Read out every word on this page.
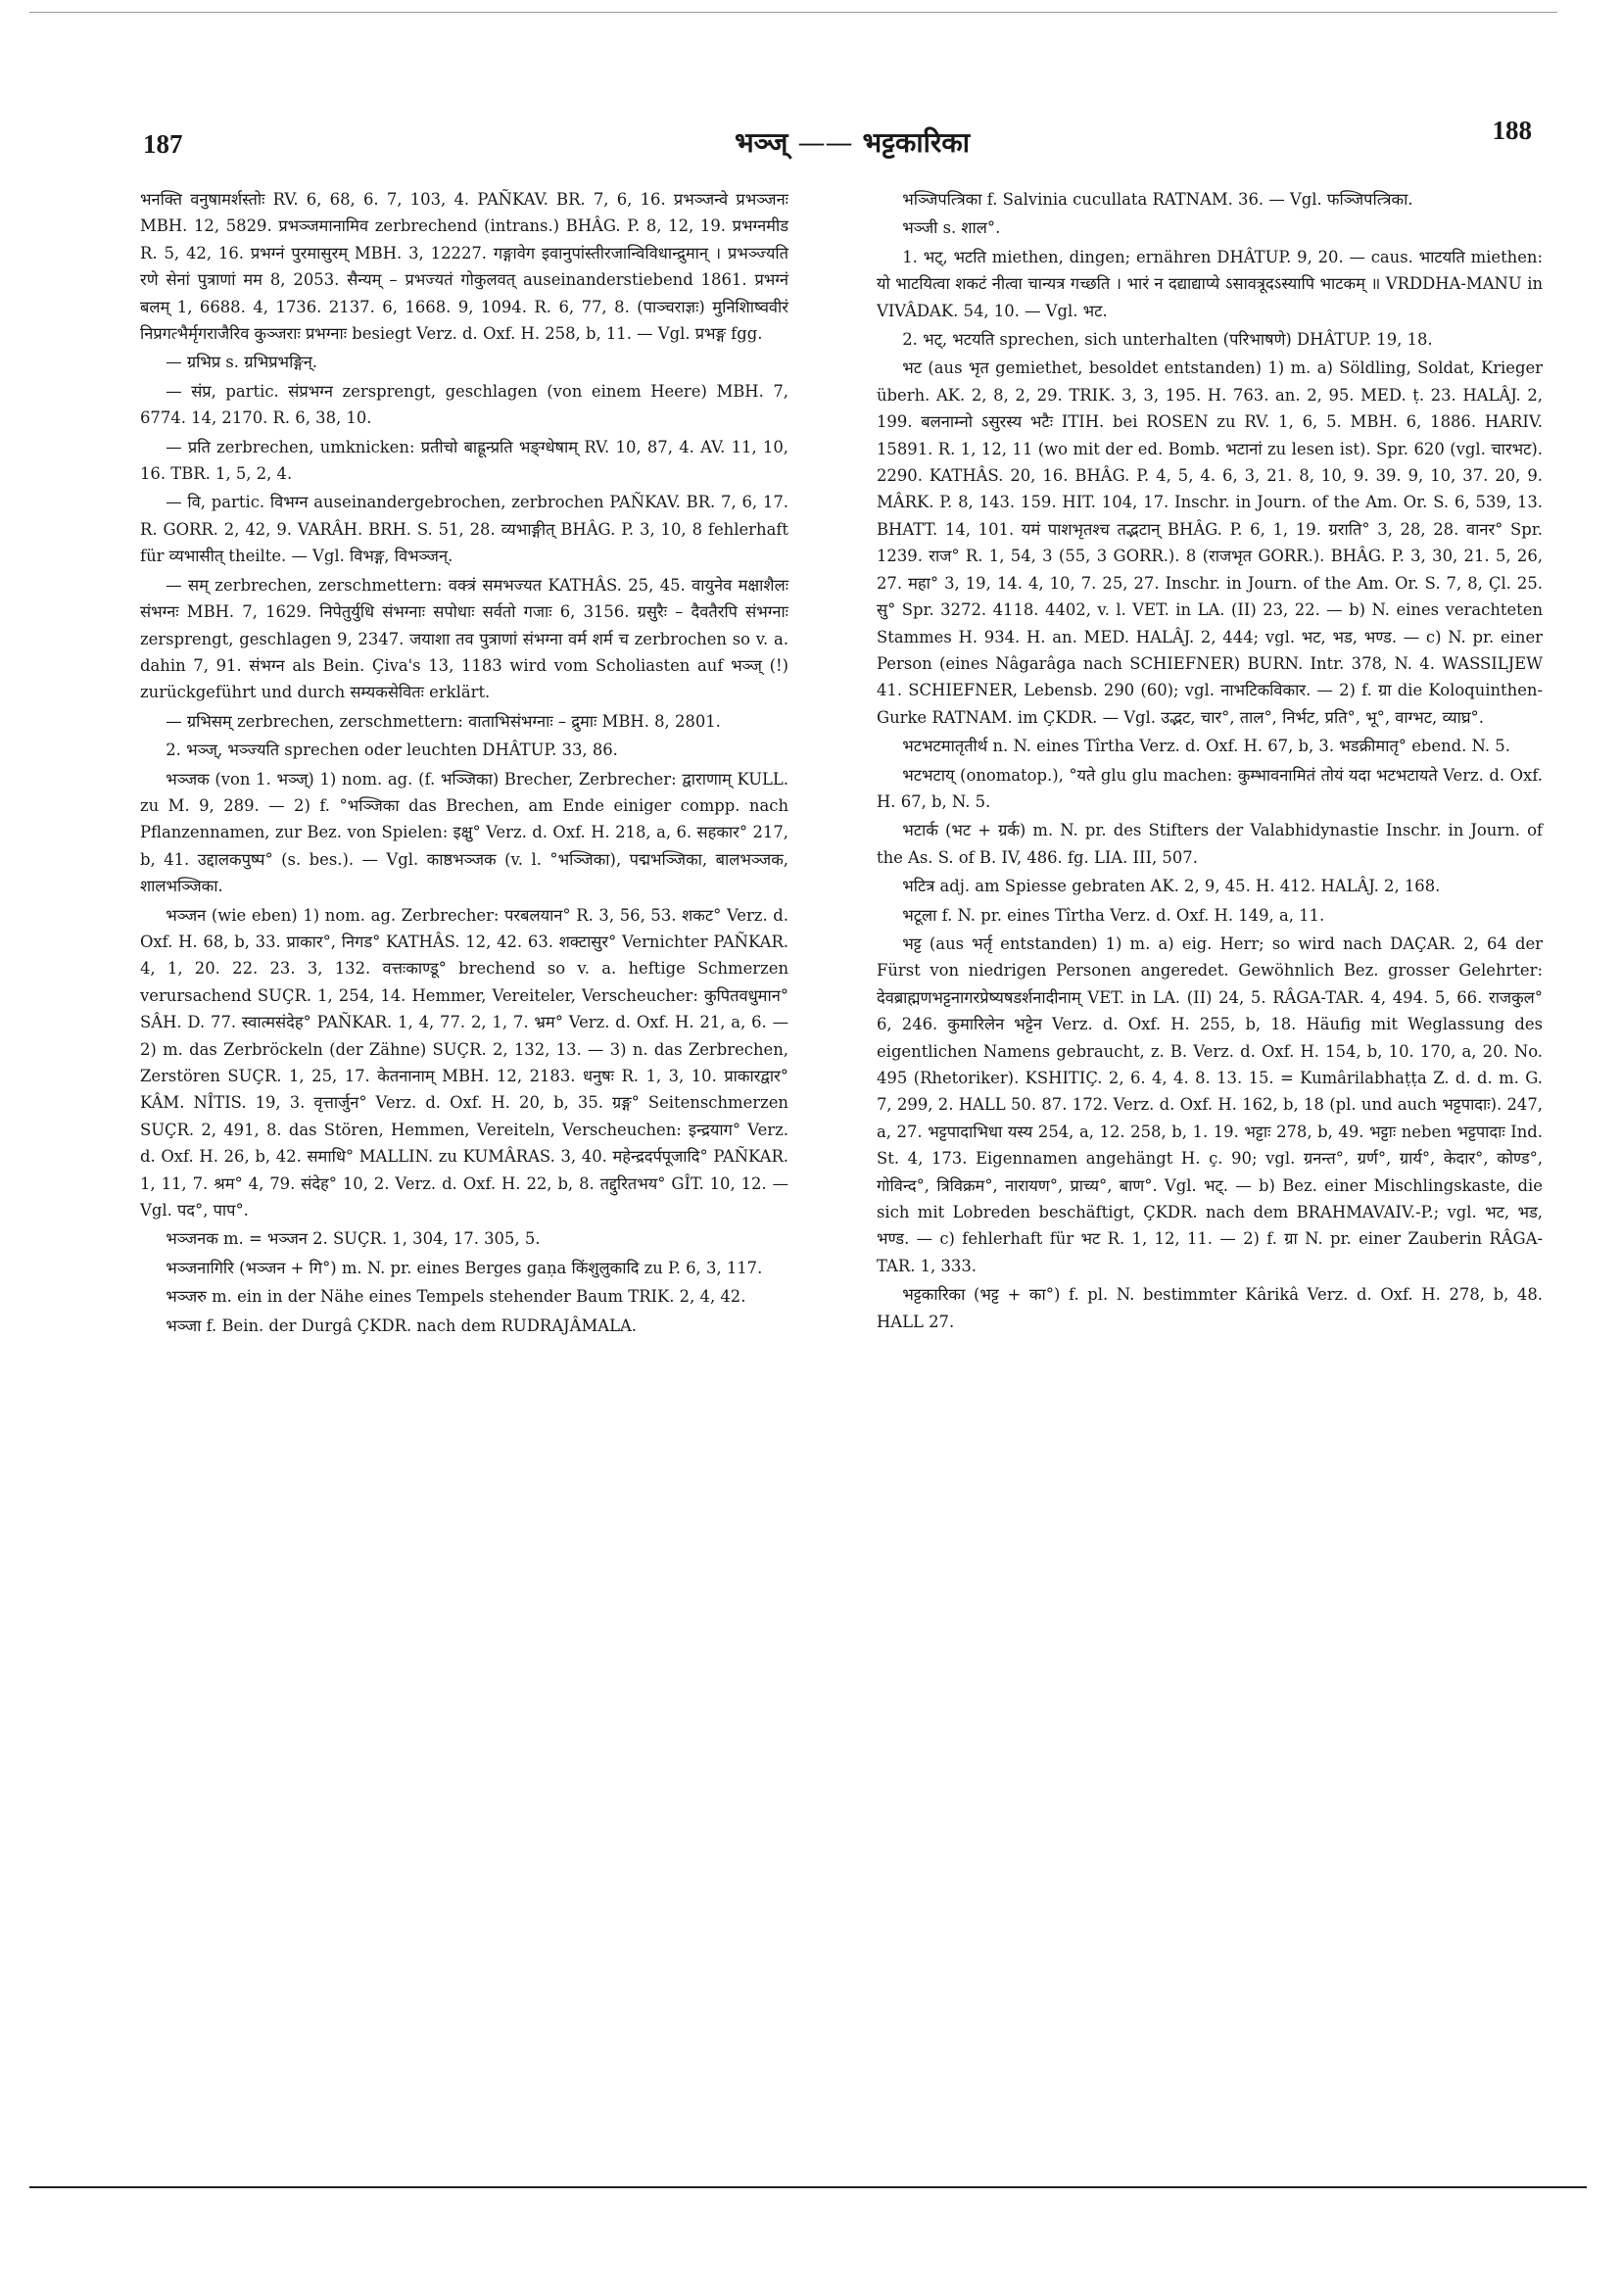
187	भञ्ज् —— भट्टकारिका	188

भनक्ति वनुषामर्शस्तोः RV. 6, 68, 6. 7, 103, 4. PAÑKAV. BR. 7, 6, 16. प्रभञ्जन्वे प्रभञ्जनः MBH. 12, 5829. प्रभञ्जमानामिव zerbrechend (intrans.) BHÂG. P. 8, 12, 19. प्रभग्नमीड R. 5, 42, 16. प्रभग्नं पुरमासुरम् MBH. 3, 12227. गङ्गावेग इवानुपांस्तीरजान्विविधान्द्रुमान् । प्रभञ्ज्यति रणे सेनां पुत्राणां मम 8, 2053. सैन्यम् – प्रभज्यतं गोकुलवत् auseinanderstiebend 1861. प्रभग्नं बलम् 1, 6688. 4, 1736. 2137. 6, 1668. 9, 1094. R. 6, 77, 8. (पाञ्चराज्ञः) मुनिशिाष्ववीरं निप्रगत्भैर्मृगराजैरिव कुञ्जराः प्रभग्नाः besiegt Verz. d. Oxf. H. 258, b, 11. — Vgl. प्रभङ्ग fgg.

— ग्रभिप्र s. ग्रभिप्रभङ्गिन्.

— संप्र, partic. संप्रभग्न zersprengt, geschlagen (von einem Heere) MBH. 7, 6774. 14, 2170. R. 6, 38, 10.

— प्रति zerbrechen, umknicken: प्रतीचो बाह्रून्प्रति भङ्ग्धेषाम् RV. 10, 87, 4. AV. 11, 10, 16. TBR. 1, 5, 2, 4.

— वि, partic. विभग्न auseinandergebrochen, zerbrochen PAÑKAV. BR. 7, 6, 17. R. GORR. 2, 42, 9. VARÂH. BRH. S. 51, 28. व्यभाङ्गीत् BHÂG. P. 3, 10, 8 fehlerhaft für व्यभासीत् theilte. — Vgl. विभङ्ग, विभञ्जन्.

— सम् zerbrechen, zerschmettern: वक्त्रं समभज्यत KATHÂS. 25, 45. वायुनेव मक्षाशैलः संभग्नः MBH. 7, 1629. निपेतुर्युधि संभग्नाः सपोधाः सर्वतो गजाः 6, 3156. ग्रसुरैः – दैवतैरपि संभग्नाः zersprengt, geschlagen 9, 2347. जयाशा तव पुत्राणां संभग्ना वर्म शर्म च zerbrochen so v. a. dahin 7, 91. संभग्न als Bein. Çiva's 13, 1183 wird vom Scholiasten auf भञ्ज् (!) zurückgeführt und durch सम्यकसेवितः erklärt.

— ग्रभिसम् zerbrechen, zerschmettern: वाताभिसंभग्नाः – द्रुमाः MBH. 8, 2801.

2. भञ्ज्, भञ्ज्यति sprechen oder leuchten DHÂTUP. 33, 86.

भञ्जक (von 1. भञ्ज्) 1) nom. ag. (f. भञ्जिका) Brecher, Zerbrecher: द्वाराणाम् KULL. zu M. 9, 289. — 2) f. °भञ्जिका das Brechen, am Ende einiger compp. nach Pflanzennamen, zur Bez. von Spielen: इक्षु° Verz. d. Oxf. H. 218, a, 6. सहकार° 217, b, 41. उद्दालकपुष्प° (s. bes.). — Vgl. काष्ठभञ्जक (v. l. °भञ्जिका), पद्मभञ्जिका, बालभञ्जक, शालभञ्जिका.

भञ्जन (wie eben) 1) nom. ag. Zerbrecher: परबलयान° R. 3, 56, 53. शकट° Verz. d. Oxf. H. 68, b, 33. प्राकार°, निगड° KATHÂS. 12, 42. 63. शक्टासुर° Vernichter PAÑKAR. 4, 1, 20. 22. 23. 3, 132. वत्तःकाण्डू° brechend so v. a. heftige Schmerzen verursachend SUÇR. 1, 254, 14. Hemmer, Vereiteler, Verscheucher: कुपितवधुमान° SÂH. D. 77. स्वात्मसंदेह° PAÑKAR. 1, 4, 77. 2, 1, 7. भ्रम° Verz. d. Oxf. H. 21, a, 6. — 2) m. das Zerbröckeln (der Zähne) SUÇR. 2, 132, 13. — 3) n. das Zerbrechen, Zerstören SUÇR. 1, 25, 17. केतनानाम् MBH. 12, 2183. धनुषः R. 1, 3, 10. प्राकारद्वार° KÂM. NÎTIS. 19, 3. वृत्तार्जुन° Verz. d. Oxf. H. 20, b, 35. ग्रङ्ग° Seitenschmerzen SUÇR. 2, 491, 8. das Stören, Hemmen, Vereiteln, Verscheuchen: इन्द्रयाग° Verz. d. Oxf. H. 26, b, 42. समाधि° MALLIN. zu KUMÂRAS. 3, 40. महेन्द्रदर्पपूजादि° PAÑKAR. 1, 11, 7. श्रम° 4, 79. संदेह° 10, 2. Verz. d. Oxf. H. 22, b, 8. तद्दुरितभय° GÎT. 10, 12. — Vgl. पद°, पाप°.

भञ्जनक m. = भञ्जन 2. SUÇR. 1, 304, 17. 305, 5.

भञ्जनागिरि (भञ्जन + गि°) m. N. pr. eines Berges gaṇa किंशुलुकादि zu P. 6, 3, 117.

भञ्जरु m. ein in der Nähe eines Tempels stehender Baum TRIK. 2, 4, 42.

भञ्जा f. Bein. der Durgâ ÇKDR. nach dem RUDRAJÂMALA.

भञ्जिपत्त्रिका f. Salvinia cucullata RATNAM. 36. — Vgl. फञ्जिपत्त्रिका.

भञ्जी s. शाल°.

1. भट्, भटति miethen, dingen; ernähren DHÂTUP. 9, 20. — caus. भाटयति miethen: यो भाटयित्वा शकटं नीत्वा चान्यत्र गच्छति । भारं न दद्याद्याप्ये ऽसावत्रूदऽस्यापि भाटकम् ॥ VRDDHA-MANU in VIVÂDAK. 54, 10. — Vgl. भट.

2. भट्, भटयति sprechen, sich unterhalten (परिभाषणे) DHÂTUP. 19, 18.

भट (aus भृत gemiethet, besoldet entstanden) 1) m. a) Söldling, Soldat, Krieger überh. AK. 2, 8, 2, 29. TRIK. 3, 3, 195. H. 763. an. 2, 95. MED. ṭ. 23. HALÂJ. 2, 199. बलनाम्नो ऽसुरस्य भटैः ITIH. bei ROSEN zu RV. 1, 6, 5. MBH. 6, 1886. HARIV. 15891. R. 1, 12, 11 (wo mit der ed. Bomb. भटानां zu lesen ist). Spr. 620 (vgl. चारभट). 2290. KATHÂS. 20, 16. BHÂG. P. 4, 5, 4. 6, 3, 21. 8, 10, 9. 39. 9, 10, 37. 20, 9. MÂRK. P. 8, 143. 159. HIT. 104, 17. Inschr. in Journ. of the Am. Or. S. 6, 539, 13. BHATT. 14, 101. यमं पाशभृतश्च तद्भटान् BHÂG. P. 6, 1, 19. ग्रराति° 3, 28, 28. वानर° Spr. 1239. राज° R. 1, 54, 3 (55, 3 GORR.). 8 (राजभृत GORR.). BHÂG. P. 3, 30, 21. 5, 26, 27. महा° 3, 19, 14. 4, 10, 7. 25, 27. Inschr. in Journ. of the Am. Or. S. 7, 8, Çl. 25. सु° Spr. 3272. 4118. 4402, v. l. VET. in LA. (II) 23, 22. — b) N. eines verachteten Stammes H. 934. H. an. MED. HALÂJ. 2, 444; vgl. भट, भड, भण्ड. — c) N. pr. einer Person (eines Nâgarâga nach SCHIEFNER) BURN. Intr. 378, N. 4. WASSILJEW 41. SCHIEFNER, Lebensb. 290 (60); vgl. नाभटिकविकार. — 2) f. ग्रा die Koloquinthen-Gurke RATNAM. im ÇKDR. — Vgl. उद्भट, चार°, ताल°, निर्भट, प्रति°, भू°, वाग्भट, व्याघ्र°.

भटभटमातृतीर्थ n. N. eines Tîrtha Verz. d. Oxf. H. 67, b, 3. भडक्रीमातृ° ebend. N. 5.

भटभटाय् (onomatop.), °यते glu glu machen: कुम्भावनामितं तोयं यदा भटभटायते Verz. d. Oxf. H. 67, b, N. 5.

भटार्क (भट + ग्रर्क) m. N. pr. des Stifters der Valabhidynastie Inschr. in Journ. of the As. S. of B. IV, 486. fg. LIA. III, 507.

भटित्र adj. am Spiesse gebraten AK. 2, 9, 45. H. 412. HALÂJ. 2, 168.

भटूला f. N. pr. eines Tîrtha Verz. d. Oxf. H. 149, a, 11.

भट्ट (aus भर्तृ entstanden) 1) m. a) eig. Herr; so wird nach DAÇAR. 2, 64 der Fürst von niedrigen Personen angeredet. Gewöhnlich Bez. grosser Gelehrter: देवब्राह्मणभट्टनागरप्रेष्यषडर्शनादीनाम् VET. in LA. (II) 24, 5. RÂGA-TAR. 4, 494. 5, 66. राजकुल° 6, 246. कुमारिलेन भट्टेन Verz. d. Oxf. H. 255, b, 18. Häufig mit Weglassung des eigentlichen Namens gebraucht, z. B. Verz. d. Oxf. H. 154, b, 10. 170, a, 20. No. 495 (Rhetoriker). KSHITIÇ. 2, 6. 4, 4. 8. 13. 15. = Kumârilabhaṭṭa Z. d. d. m. G. 7, 299, 2. HALL 50. 87. 172. Verz. d. Oxf. H. 162, b, 18 (pl. und auch भट्टपादाः). 247, a, 27. भट्टपादाभिधा यस्य 254, a, 12. 258, b, 1. 19. भट्टाः 278, b, 49. भट्टाः neben भट्टपादाः Ind. St. 4, 173. Eigennamen angehängt H. ç. 90; vgl. ग्रनन्त°, ग्रर्ण°, ग्रार्य°, केदार°, कोण्ड°, गोविन्द°, त्रिविक्रम°, नारायण°, प्राच्य°, बाण°. Vgl. भट्. — b) Bez. einer Mischlingskaste, die sich mit Lobreden beschäftigt, ÇKDR. nach dem BRAHMAVAIV.-P.; vgl. भट, भड, भण्ड. — c) fehlerhaft für भट R. 1, 12, 11. — 2) f. ग्रा N. pr. einer Zauberin RÂGA-TAR. 1, 333.

भट्टकारिका (भट्ट + का°) f. pl. N. bestimmter Kârikâ Verz. d. Oxf. H. 278, b, 48. HALL 27.
